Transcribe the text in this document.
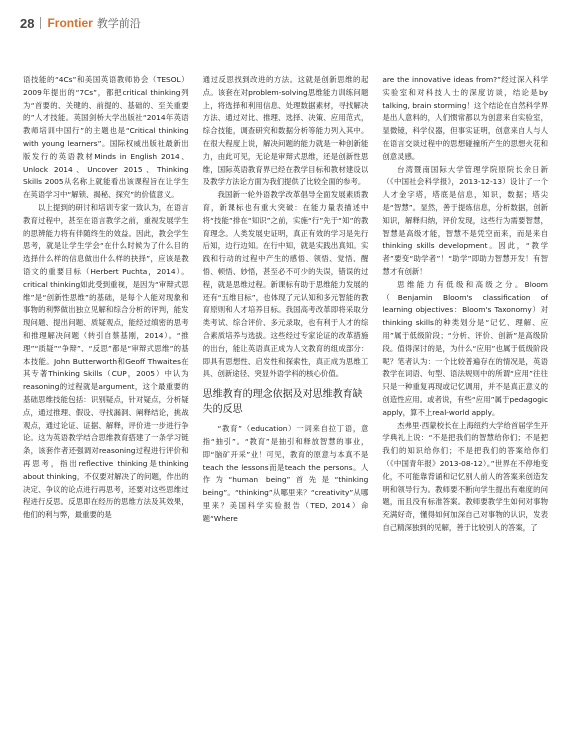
28 Frontier 教学前沿

语技能的“4Cs”和美国英语教师协会（TESOL）2009年提出的“7Cs”，都把critical thinking列为“首要的、关键的、前提的、基础的、至关重要的”人才技能。英国剑桥大学出版社“2014年英语教师培训中国行”的主题也是“Critical thinking with young learners”。国际权威出版社最新出版发行的英语教材Minds in English 2014、Unlock 2014、Uncover 2015、Thinking Skills 2005从名称上就能看出该课程旨在让学生在英语学习中“解锁、揭秘、探究”的价值意义。

以上提到的研讨和培训专家一致认为，在语言教育过程中，甚至在语言教学之前，重视发展学生的思辨能力将有伴随终生的效益。因此，教会学生思考，就是让学生学会“在什么时候为了什么目的选择什么样的信息做出什么样的抉择”，应该是教语文的重要目标（Herbert Puchta，2014）。critical thinking如此受到重视，是因为“审辩式思维”是“创新性思维”的基础，是每个人能对现象和事物的利弊做出独立见解和综合分析的评判，能发现问题、提出问题、质疑观点，能经过缜密的思考和推理解决问题（转引自蔡基刚，2014）。“推理”“质疑”“争辩”、“反思”都是“审辩式思维”的基本技能。John Butterworth和Geoff Thwaites在其专著Thinking Skills（CUP，2005）中认为reasoning的过程就是argument，这个最重要的基础思维技能包括：识别疑点，针对疑点，分析疑点，通过推理、假设、寻找漏洞、阐释结论，挑战观点，通过论证、证据、解释，评价进一步进行争论。这为英语教学结合思维教育搭建了一条学习链条，该套作者还强调对reasoning过程进行评价和再思考，指出reflective thinking是thinking about thinking，不仅要对解决了的问题，作出的决定、争议的论点进行再思考，还要对这些思维过程进行反思。反思即在经历的思维方法及其效果，他们的利与弊，最重要的是

通过反思找到改进的方法。这就是创新思维的起点。该套在对problem-solving思维能力训练问题上，将选择和利用信息、处理数据素材，寻找解决方法、通过对比、推理、选择、决策、应用范式，综合技能，调查研究和数据分析等能力列入其中。在很大程度上说，解决问题的能力就是一种创新能力，由此可见，无论是审辩式思维，还是创新性思维，国际英语教育界已经在教学目标和教材建设以及教学方法论方面为我们提供了比较全面的参考。

我国新一轮外语教学改革倡导全面发展素质教育，新课标也有重大突破：在能力量表描述中将“技能”排在“知识”之前，实施“行”先于“知”的教育理念。人类发展史证明，真正有效的学习是先行后知，边行边知。在行中知，就是实践出真知。实践和行动的过程中产生的感悟、领悟、觉悟、醒悟、顿悟、妙悟，甚至必不可少的失误，错误的过程，就是思维过程。新课标有助于思维能力发展的还有“五维目标”，也体现了元认知和多元智能的教育原则和人才培养目标。我国高考改革即将采取分类考试、综合评价、多元录取，也有利于人才的综合素质培养与选拔。这些经过专家论证的改革措施的出台，能让英语真正成为人文教育的组成部分：即具有思想性、启发性和探索性，真正成为思维工具、创新途径、突显外语学科的核心价值。

思维教育的理念依据及对思维教育缺失的反思

“教育”（education）一词来自拉丁语，意指“抽引”。“教育”是抽引和释放智慧的事业，即“脑矿开采”业！可见，教育的原意与本真不是teach the lessons而是teach the persons。人作为“human being”首先是“thinking being”。“thinking”从哪里来？“creativity”从哪里来？美国科学实验报告（TED, 2014）命题“Where

are the innovative ideas from?”经过深入科学实验室和对科技人士的深度访谈，结论是by talking, brain storming！这个结论在自然科学界是出人意料的，人们惯常都以为创意来自实验室，显微镜，科学仪器，但事实证明，创意来自人与人在语言交谈过程中的思想碰撞所产生的思想火花和创意灵感。

台湾暨南国际大学管理学院原院长余日新（《中国社会科学报》，2013-12-13）设计了一个人才金字塔，塔底是信息，知识，数据；塔尖是“智慧”。显然，善于提炼信息，分析数据，创新知识，解释归纳，评价发现，这些行为需要智慧，智慧是高级才能，智慧不是凭空而来，而是来自thinking skills development。因此，“教学者”要变“助学者”！“助学”即助力智慧开发！有智慧才有创新！

思维能力有低级和高级之分。Bloom（Benjamin Bloom's classification of learning objectives：Bloom's Taxonomy）对thinking skills的种类划分是“记忆、理解、应用”属于低级阶段；“分析、评价、创新”是高级阶段。值得深讨的是，为什么“应用”也属于低级阶段呢？笔者认为：一个比较普遍存在的情况是，英语教学在词语、句型、语法规则中的所谓“应用”往往只是一种重复再现或记忆调用，并不是真正意义的创造性应用。或者说，有些“应用”属于pedagogic apply，算不上real-world apply。

杰弗里·西蒙校长在上海纽约大学给首届学生开学典礼上说：“不是把我们的智慧给你们；不是把我们的知识给你们；不是把我们的答案给你们（《中国青年报》2013-08-12）。”世界在不停地变化，不可能靠背诵和记忆别人前人的答案来创造发明和领导行为。教师要不断向学生提出有难度的问题，而且没有标准答案。教师要教学生如何对事物充满好奇，懂得如何加深自己对事物的认识，发表自己精深独到的见解，善于比较别人的答案，了
